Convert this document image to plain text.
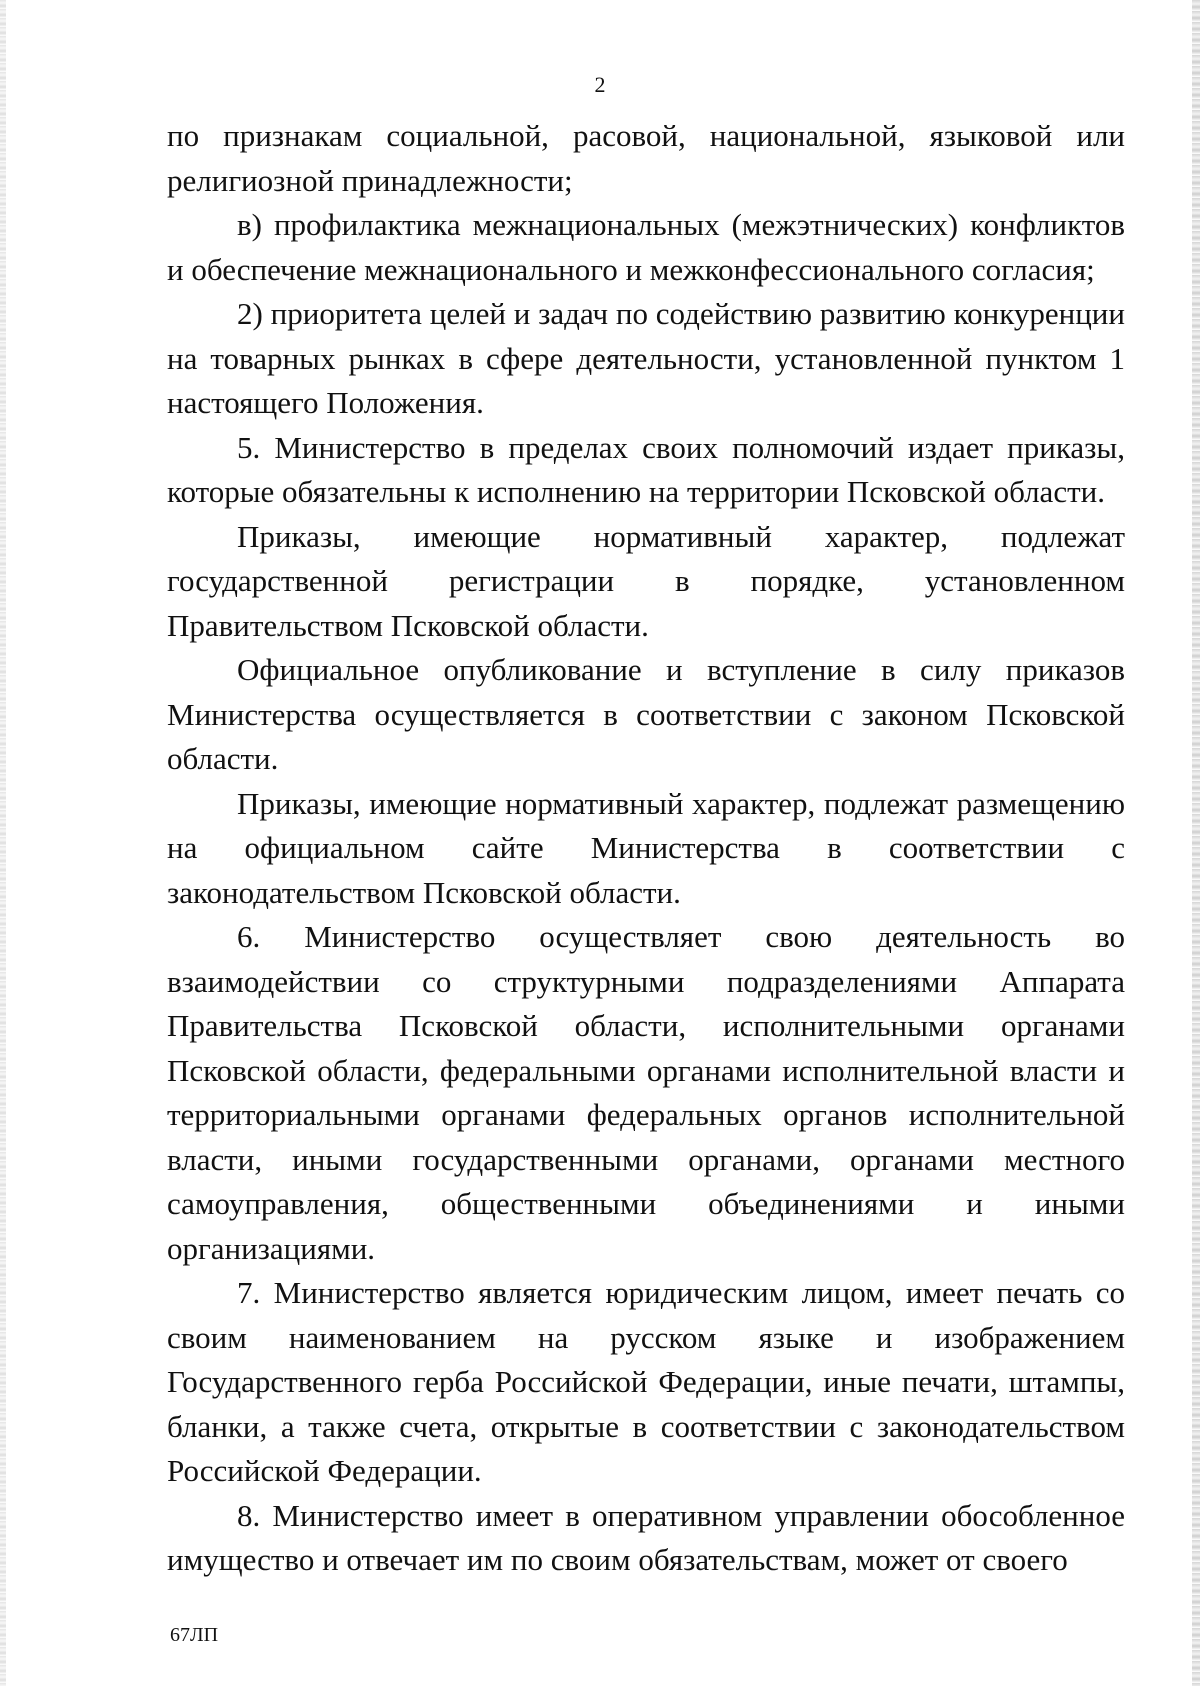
2

по признакам социальной, расовой, национальной, языковой или религиозной принадлежности;

в) профилактика межнациональных (межэтнических) конфликтов и обеспечение межнационального и межконфессионального согласия;

2) приоритета целей и задач по содействию развитию конкуренции на товарных рынках в сфере деятельности, установленной пунктом 1 настоящего Положения.

5. Министерство в пределах своих полномочий издает приказы, которые обязательны к исполнению на территории Псковской области.

Приказы, имеющие нормативный характер, подлежат государственной регистрации в порядке, установленном Правительством Псковской области.

Официальное опубликование и вступление в силу приказов Министерства осуществляется в соответствии с законом Псковской области.

Приказы, имеющие нормативный характер, подлежат размещению на официальном сайте Министерства в соответствии с законодательством Псковской области.

6. Министерство осуществляет свою деятельность во взаимодействии со структурными подразделениями Аппарата Правительства Псковской области, исполнительными органами Псковской области, федеральными органами исполнительной власти и территориальными органами федеральных органов исполнительной власти, иными государственными органами, органами местного самоуправления, общественными объединениями и иными организациями.

7. Министерство является юридическим лицом, имеет печать со своим наименованием на русском языке и изображением Государственного герба Российской Федерации, иные печати, штампы, бланки, а также счета, открытые в соответствии с законодательством Российской Федерации.

8. Министерство имеет в оперативном управлении обособленное имущество и отвечает им по своим обязательствам, может от своего

67ЛП
